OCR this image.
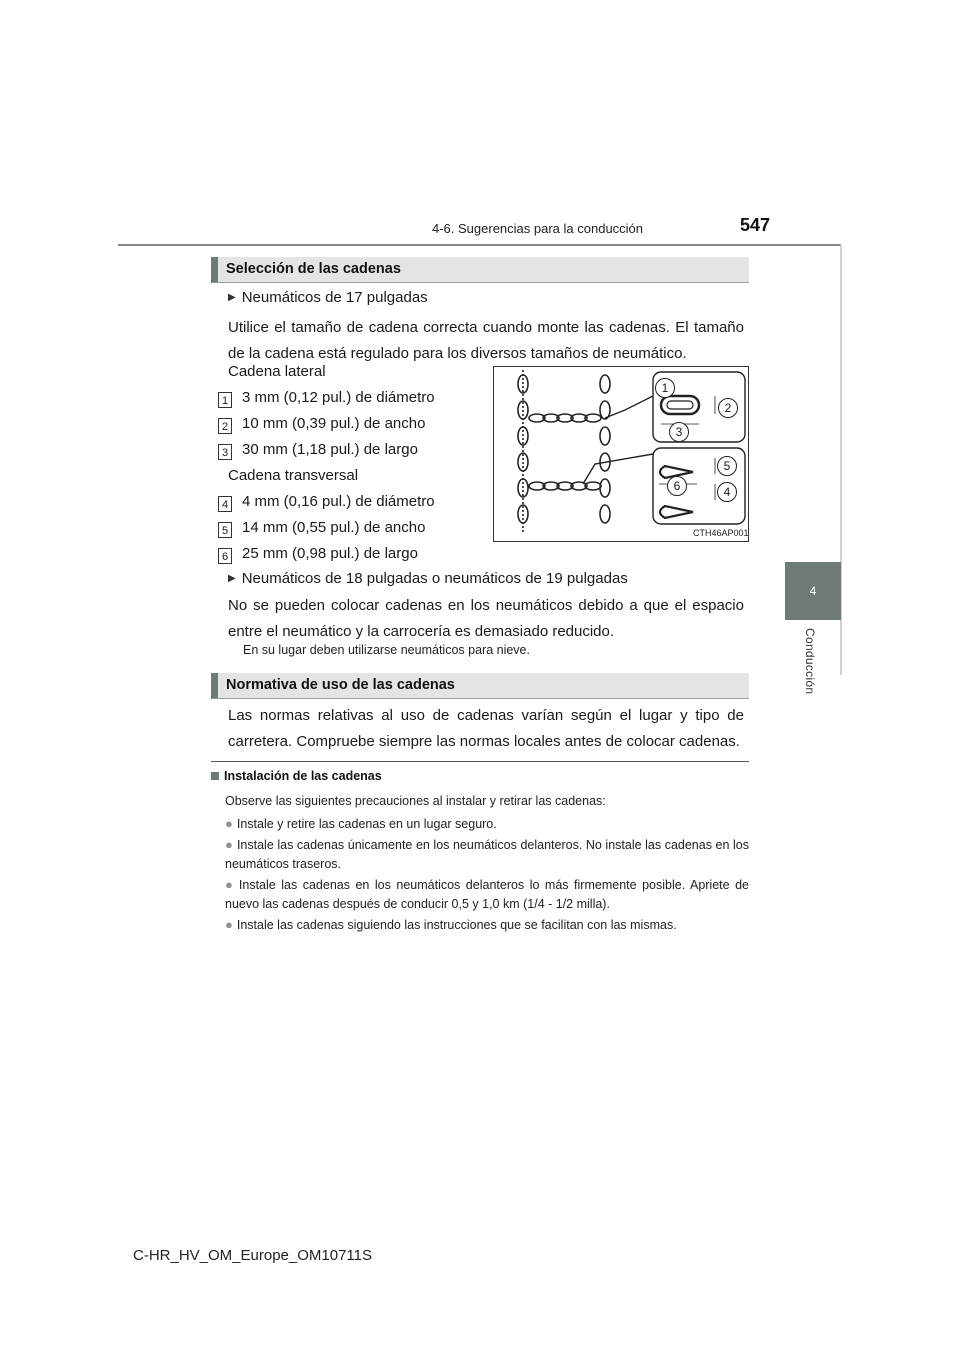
4-6. Sugerencias para la conducción	547
4
Conducción
Selección de las cadenas
▶ Neumáticos de 17 pulgadas
Utilice el tamaño de cadena correcta cuando monte las cadenas. El tamaño de la cadena está regulado para los diversos tamaños de neumático.
Cadena lateral
1 3 mm (0,12 pul.) de diámetro
2 10 mm (0,39 pul.) de ancho
3 30 mm (1,18 pul.) de largo
Cadena transversal
4 4 mm (0,16 pul.) de diámetro
5 14 mm (0,55 pul.) de ancho
6 25 mm (0,98 pul.) de largo
1
2
3
4
5
6
CTH46AP001
▶ Neumáticos de 18 pulgadas o neumáticos de 19 pulgadas
No se pueden colocar cadenas en los neumáticos debido a que el espacio entre el neumático y la carrocería es demasiado reducido.
En su lugar deben utilizarse neumáticos para nieve.
Normativa de uso de las cadenas
Las normas relativas al uso de cadenas varían según el lugar y tipo de carretera. Compruebe siempre las normas locales antes de colocar cadenas.
Instalación de las cadenas
Observe las siguientes precauciones al instalar y retirar las cadenas:
● Instale y retire las cadenas en un lugar seguro.
● Instale las cadenas únicamente en los neumáticos delanteros. No instale las cadenas en los neumáticos traseros.
● Instale las cadenas en los neumáticos delanteros lo más firmemente posible. Apriete de nuevo las cadenas después de conducir 0,5 y 1,0 km (1/4 - 1/2 milla).
● Instale las cadenas siguiendo las instrucciones que se facilitan con las mismas.
C-HR_HV_OM_Europe_OM10711S
